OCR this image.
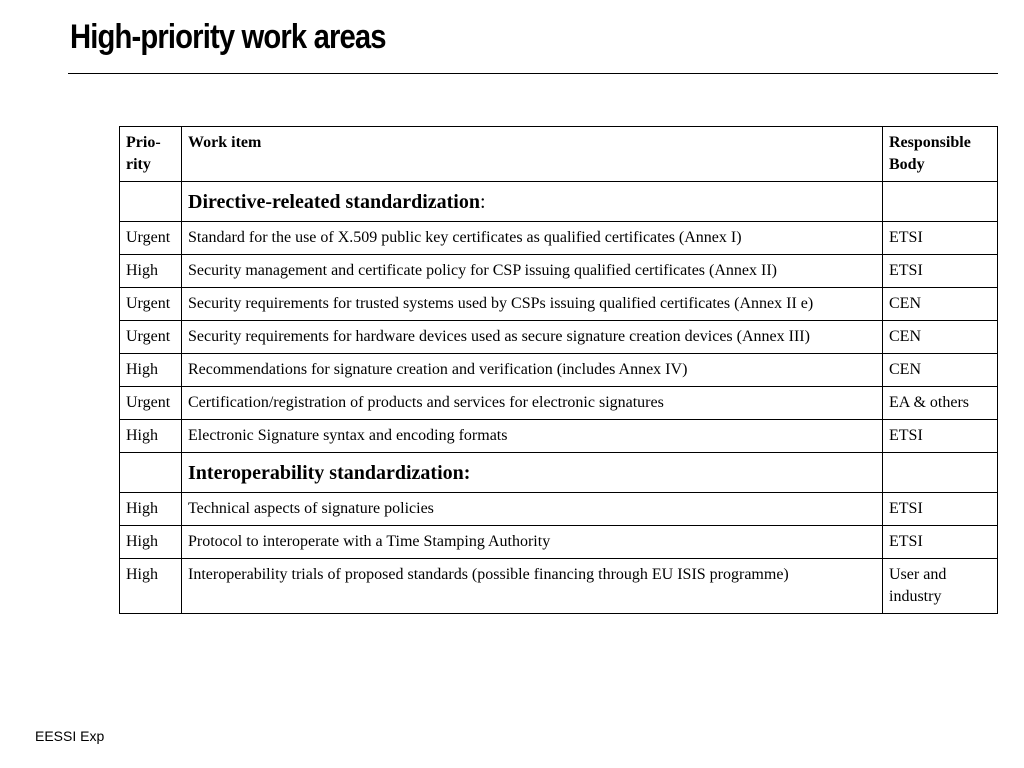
High-priority work areas
Prio-rity	Work item	Responsible Body
	Directive-releated standardization:	
Urgent	Standard for the use of X.509 public key certificates as qualified certificates (Annex I)	ETSI
High	Security management and certificate policy for CSP issuing qualified certificates (Annex II)	ETSI
Urgent	Security requirements for trusted systems used by CSPs issuing qualified certificates (Annex II e)	CEN
Urgent	Security requirements for hardware devices used as secure signature creation devices (Annex III)	CEN
High	Recommendations for signature creation and verification (includes Annex IV)	CEN
Urgent	Certification/registration of products and services for electronic signatures	EA & others
High	Electronic Signature syntax and encoding formats	ETSI
	Interoperability standardization:	
High	Technical aspects of signature policies	ETSI
High	Protocol to interoperate with a Time Stamping Authority	ETSI
High	Interoperability trials of proposed standards (possible financing through EU ISIS programme)	User and industry
EESSI Exp
